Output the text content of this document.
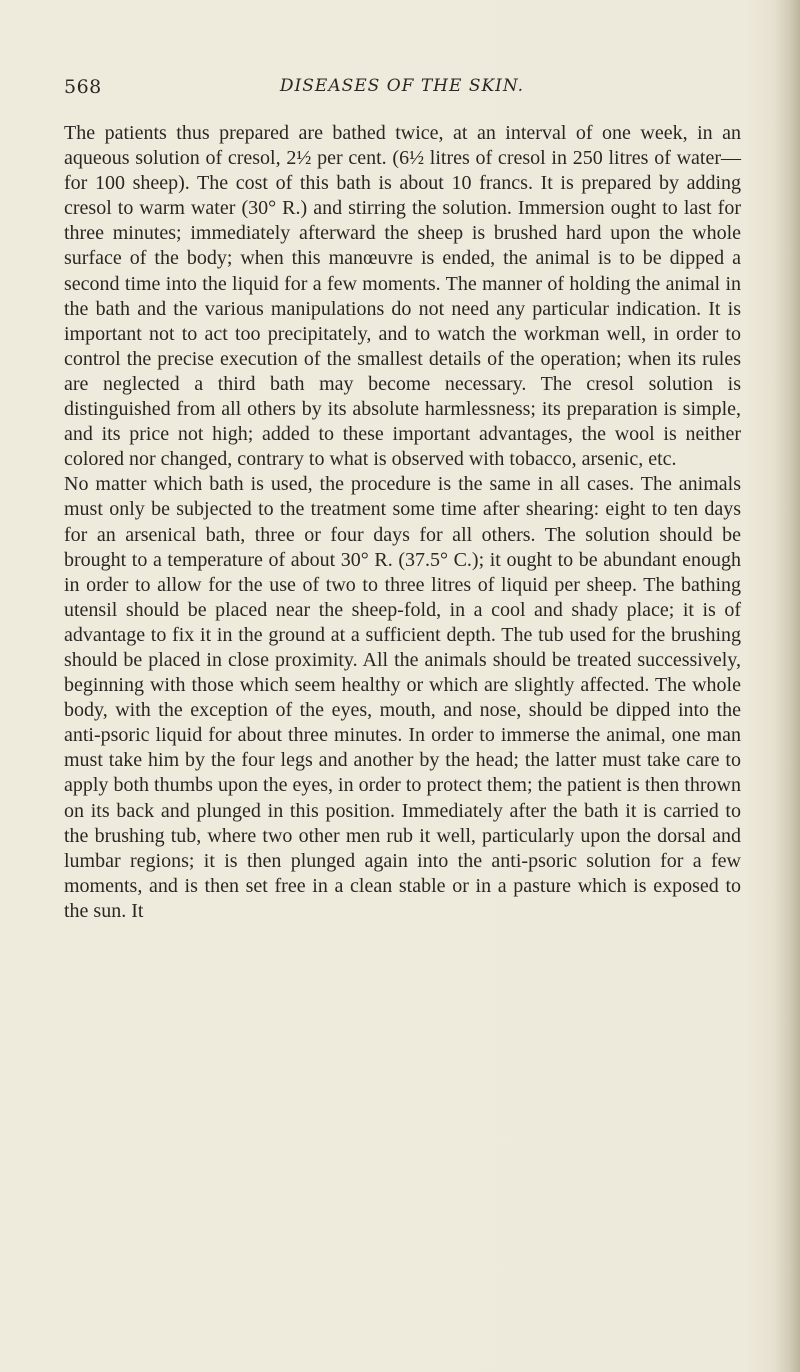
568	DISEASES OF THE SKIN.

The patients thus prepared are bathed twice, at an interval of one week, in an aqueous solution of cresol, 2½ per cent. (6½ litres of cresol in 250 litres of water—for 100 sheep). The cost of this bath is about 10 francs. It is prepared by adding cresol to warm water (30° R.) and stirring the solution. Immersion ought to last for three minutes; immediately afterward the sheep is brushed hard upon the whole surface of the body; when this manœuvre is ended, the animal is to be dipped a second time into the liquid for a few moments. The manner of holding the animal in the bath and the various manipulations do not need any particular indication. It is important not to act too precipitately, and to watch the workman well, in order to control the precise execution of the smallest details of the operation; when its rules are neglected a third bath may become necessary. The cresol solution is distinguished from all others by its absolute harmlessness; its preparation is simple, and its price not high; added to these important advantages, the wool is neither colored nor changed, contrary to what is observed with tobacco, arsenic, etc.

No matter which bath is used, the procedure is the same in all cases. The animals must only be subjected to the treatment some time after shearing: eight to ten days for an arsenical bath, three or four days for all others. The solution should be brought to a temperature of about 30° R. (37.5° C.); it ought to be abundant enough in order to allow for the use of two to three litres of liquid per sheep. The bathing utensil should be placed near the sheep-fold, in a cool and shady place; it is of advantage to fix it in the ground at a sufficient depth. The tub used for the brushing should be placed in close proximity. All the animals should be treated successively, beginning with those which seem healthy or which are slightly affected. The whole body, with the exception of the eyes, mouth, and nose, should be dipped into the anti-psoric liquid for about three minutes. In order to immerse the animal, one man must take him by the four legs and another by the head; the latter must take care to apply both thumbs upon the eyes, in order to protect them; the patient is then thrown on its back and plunged in this position. Immediately after the bath it is carried to the brushing tub, where two other men rub it well, particularly upon the dorsal and lumbar regions; it is then plunged again into the anti-psoric solution for a few moments, and is then set free in a clean stable or in a pasture which is exposed to the sun. It
